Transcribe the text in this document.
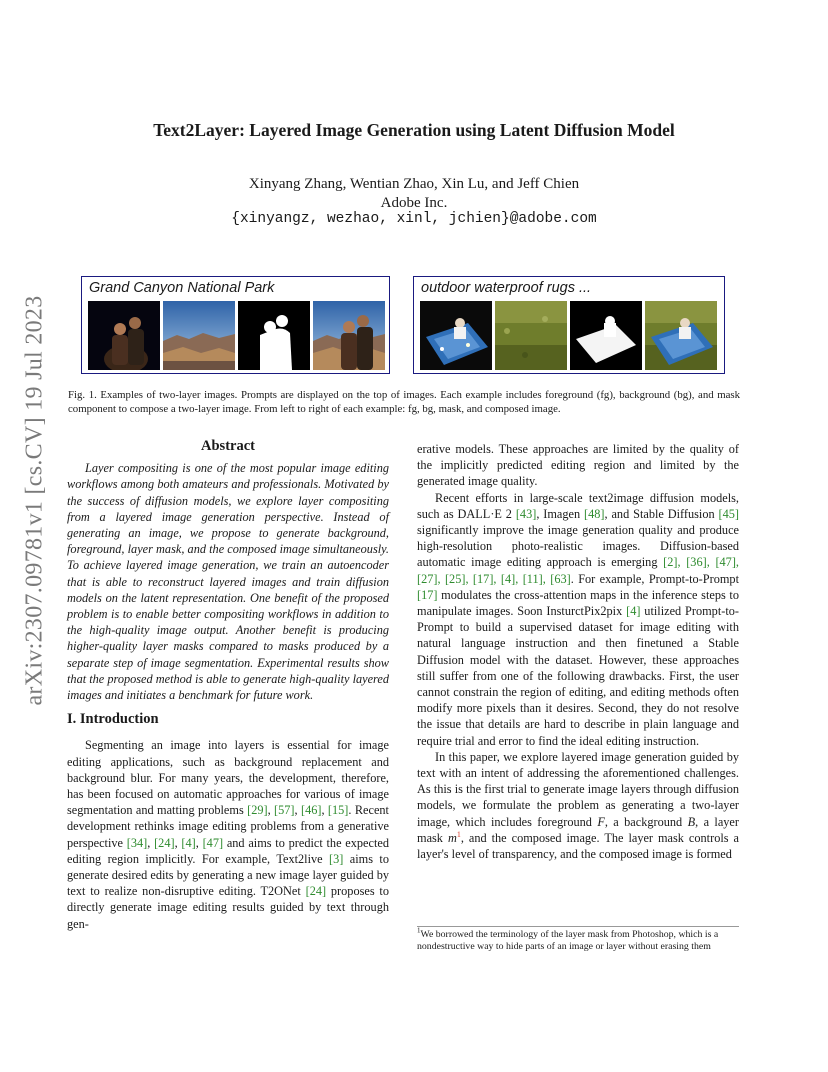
arXiv:2307.09781v1 [cs.CV] 19 Jul 2023
Text2Layer: Layered Image Generation using Latent Diffusion Model
Xinyang Zhang, Wentian Zhao, Xin Lu, and Jeff Chien
Adobe Inc.
{xinyangz, wezhao, xinl, jchien}@adobe.com
Grand Canyon National Park	outdoor waterproof rugs ...
Fig. 1. Examples of two-layer images. Prompts are displayed on the top of images. Each example includes foreground (fg), background (bg), and mask component to compose a two-layer image. From left to right of each example: fg, bg, mask, and composed image.
Abstract

Layer compositing is one of the most popular image editing workflows among both amateurs and professionals. Motivated by the success of diffusion models, we explore layer compositing from a layered image generation perspective. Instead of generating an image, we propose to generate background, foreground, layer mask, and the composed image simultaneously. To achieve layered image generation, we train an autoencoder that is able to reconstruct layered images and train diffusion models on the latent representation. One benefit of the proposed problem is to enable better compositing workflows in addition to the high-quality image output. Another benefit is producing higher-quality layer masks compared to masks produced by a separate step of image segmentation. Experimental results show that the proposed method is able to generate high-quality layered images and initiates a benchmark for future work.

I. Introduction

Segmenting an image into layers is essential for image editing applications, such as background replacement and background blur. For many years, the development, therefore, has been focused on automatic approaches for various of image segmentation and matting problems [29], [57], [46], [15]. Recent development rethinks image editing problems from a generative perspective [34], [24], [4], [47] and aims to predict the expected editing region implicitly. For example, Text2live [3] aims to generate desired edits by generating a new image layer guided by text to realize non-disruptive editing. T2ONet [24] proposes to directly generate image editing results guided by text through gen-

erative models. These approaches are limited by the quality of the implicitly predicted editing region and limited by the generated image quality.

Recent efforts in large-scale text2image diffusion models, such as DALL·E 2 [43], Imagen [48], and Stable Diffusion [45] significantly improve the image generation quality and produce high-resolution photo-realistic images. Diffusion-based automatic image editing approach is emerging [2], [36], [47], [27], [25], [17], [4], [11], [63]. For example, Prompt-to-Prompt [17] modulates the cross-attention maps in the inference steps to manipulate images. Soon InsturctPix2pix [4] utilized Prompt-to-Prompt to build a supervised dataset for image editing with natural language instruction and then finetuned a Stable Diffusion model with the dataset. However, these approaches still suffer from one of the following drawbacks. First, the user cannot constrain the region of editing, and editing methods often modify more pixels than it desires. Second, they do not resolve the issue that details are hard to describe in plain language and require trial and error to find the ideal editing instruction.

In this paper, we explore layered image generation guided by text with an intent of addressing the aforementioned challenges. As this is the first trial to generate image layers through diffusion models, we formulate the problem as generating a two-layer image, which includes foreground F, a background B, a layer mask $m^1$, and the composed image. The layer mask controls a layer's level of transparency, and the composed image is formed

$^1$We borrowed the terminology of the layer mask from Photoshop, which is a nondestructive way to hide parts of an image or layer without erasing them
